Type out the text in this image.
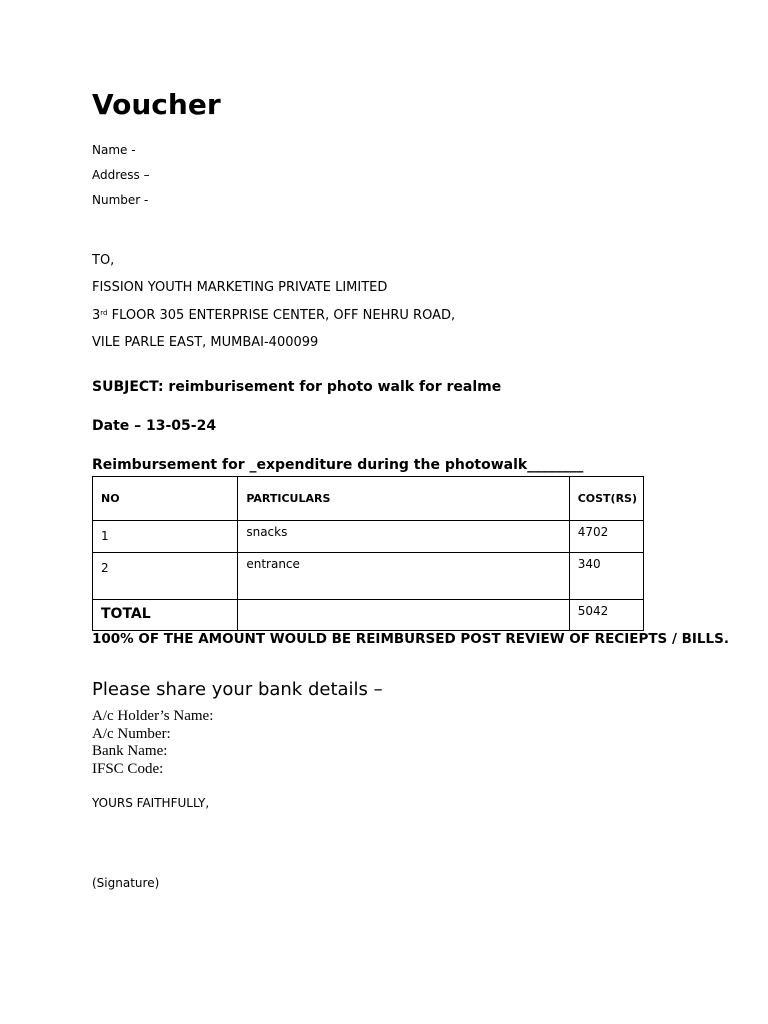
Voucher
Name -
Address –
Number -
TO,
FISSION YOUTH MARKETING PRIVATE LIMITED
3rd FLOOR 305 ENTERPRISE CENTER, OFF NEHRU ROAD,
VILE PARLE EAST, MUMBAI-400099
SUBJECT: reimburisement for photo walk for realme
Date – 13-05-24
Reimbursement for _expenditure during the photowalk________
NO	PARTICULARS	COST(RS)
1	snacks	4702
2	entrance	340
TOTAL		5042
100% OF THE AMOUNT WOULD BE REIMBURSED POST REVIEW OF RECIEPTS / BILLS.
Please share your bank details –
A/c Holder’s Name:
A/c Number:
Bank Name:
IFSC Code:
YOURS FAITHFULLY,
(Signature)
